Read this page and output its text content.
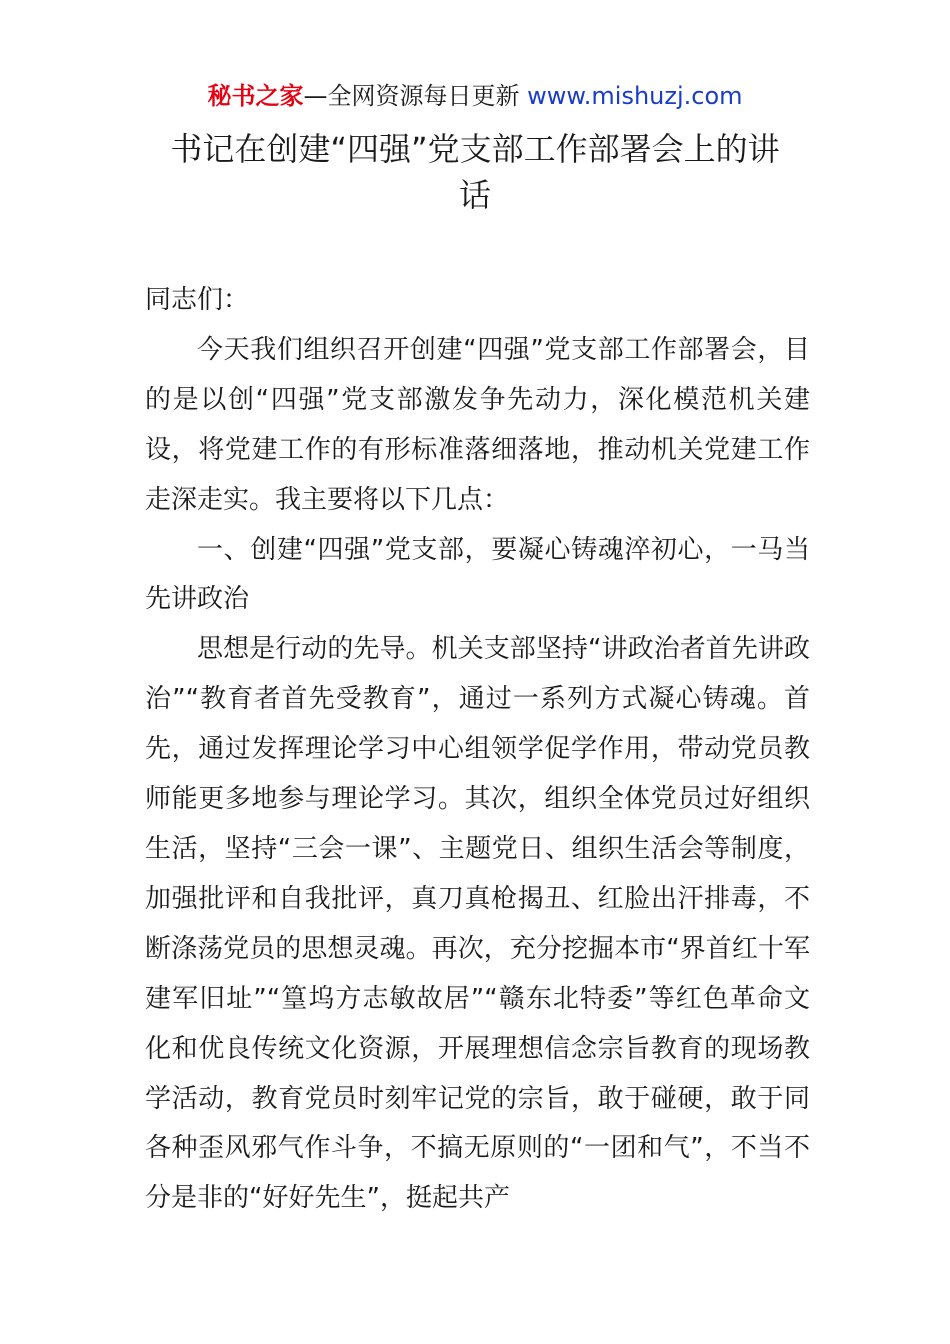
秘书之家—全网资源每日更新 www.mishuzj.com
书记在创建“四强”党支部工作部署会上的讲
话

同志们：

今天我们组织召开创建“四强”党支部工作部署会，目的是以创“四强”党支部激发争先动力，深化模范机关建设，将党建工作的有形标准落细落地，推动机关党建工作走深走实。我主要将以下几点：

一、创建“四强”党支部，要凝心铸魂淬初心，一马当先讲政治

思想是行动的先导。机关支部坚持“讲政治者首先讲政治”“教育者首先受教育”，通过一系列方式凝心铸魂。首先，通过发挥理论学习中心组领学促学作用，带动党员教师能更多地参与理论学习。其次，组织全体党员过好组织生活，坚持“三会一课”、主题党日、组织生活会等制度，加强批评和自我批评，真刀真枪揭丑、红脸出汗排毒，不断涤荡党员的思想灵魂。再次，充分挖掘本市“界首红十军建军旧址”“篁坞方志敏故居”“赣东北特委”等红色革命文化和优良传统文化资源，开展理想信念宗旨教育的现场教学活动，教育党员时刻牢记党的宗旨，敢于碰硬，敢于同各种歪风邪气作斗争，不搞无原则的“一团和气”，不当不分是非的“好好先生”，挺起共产
